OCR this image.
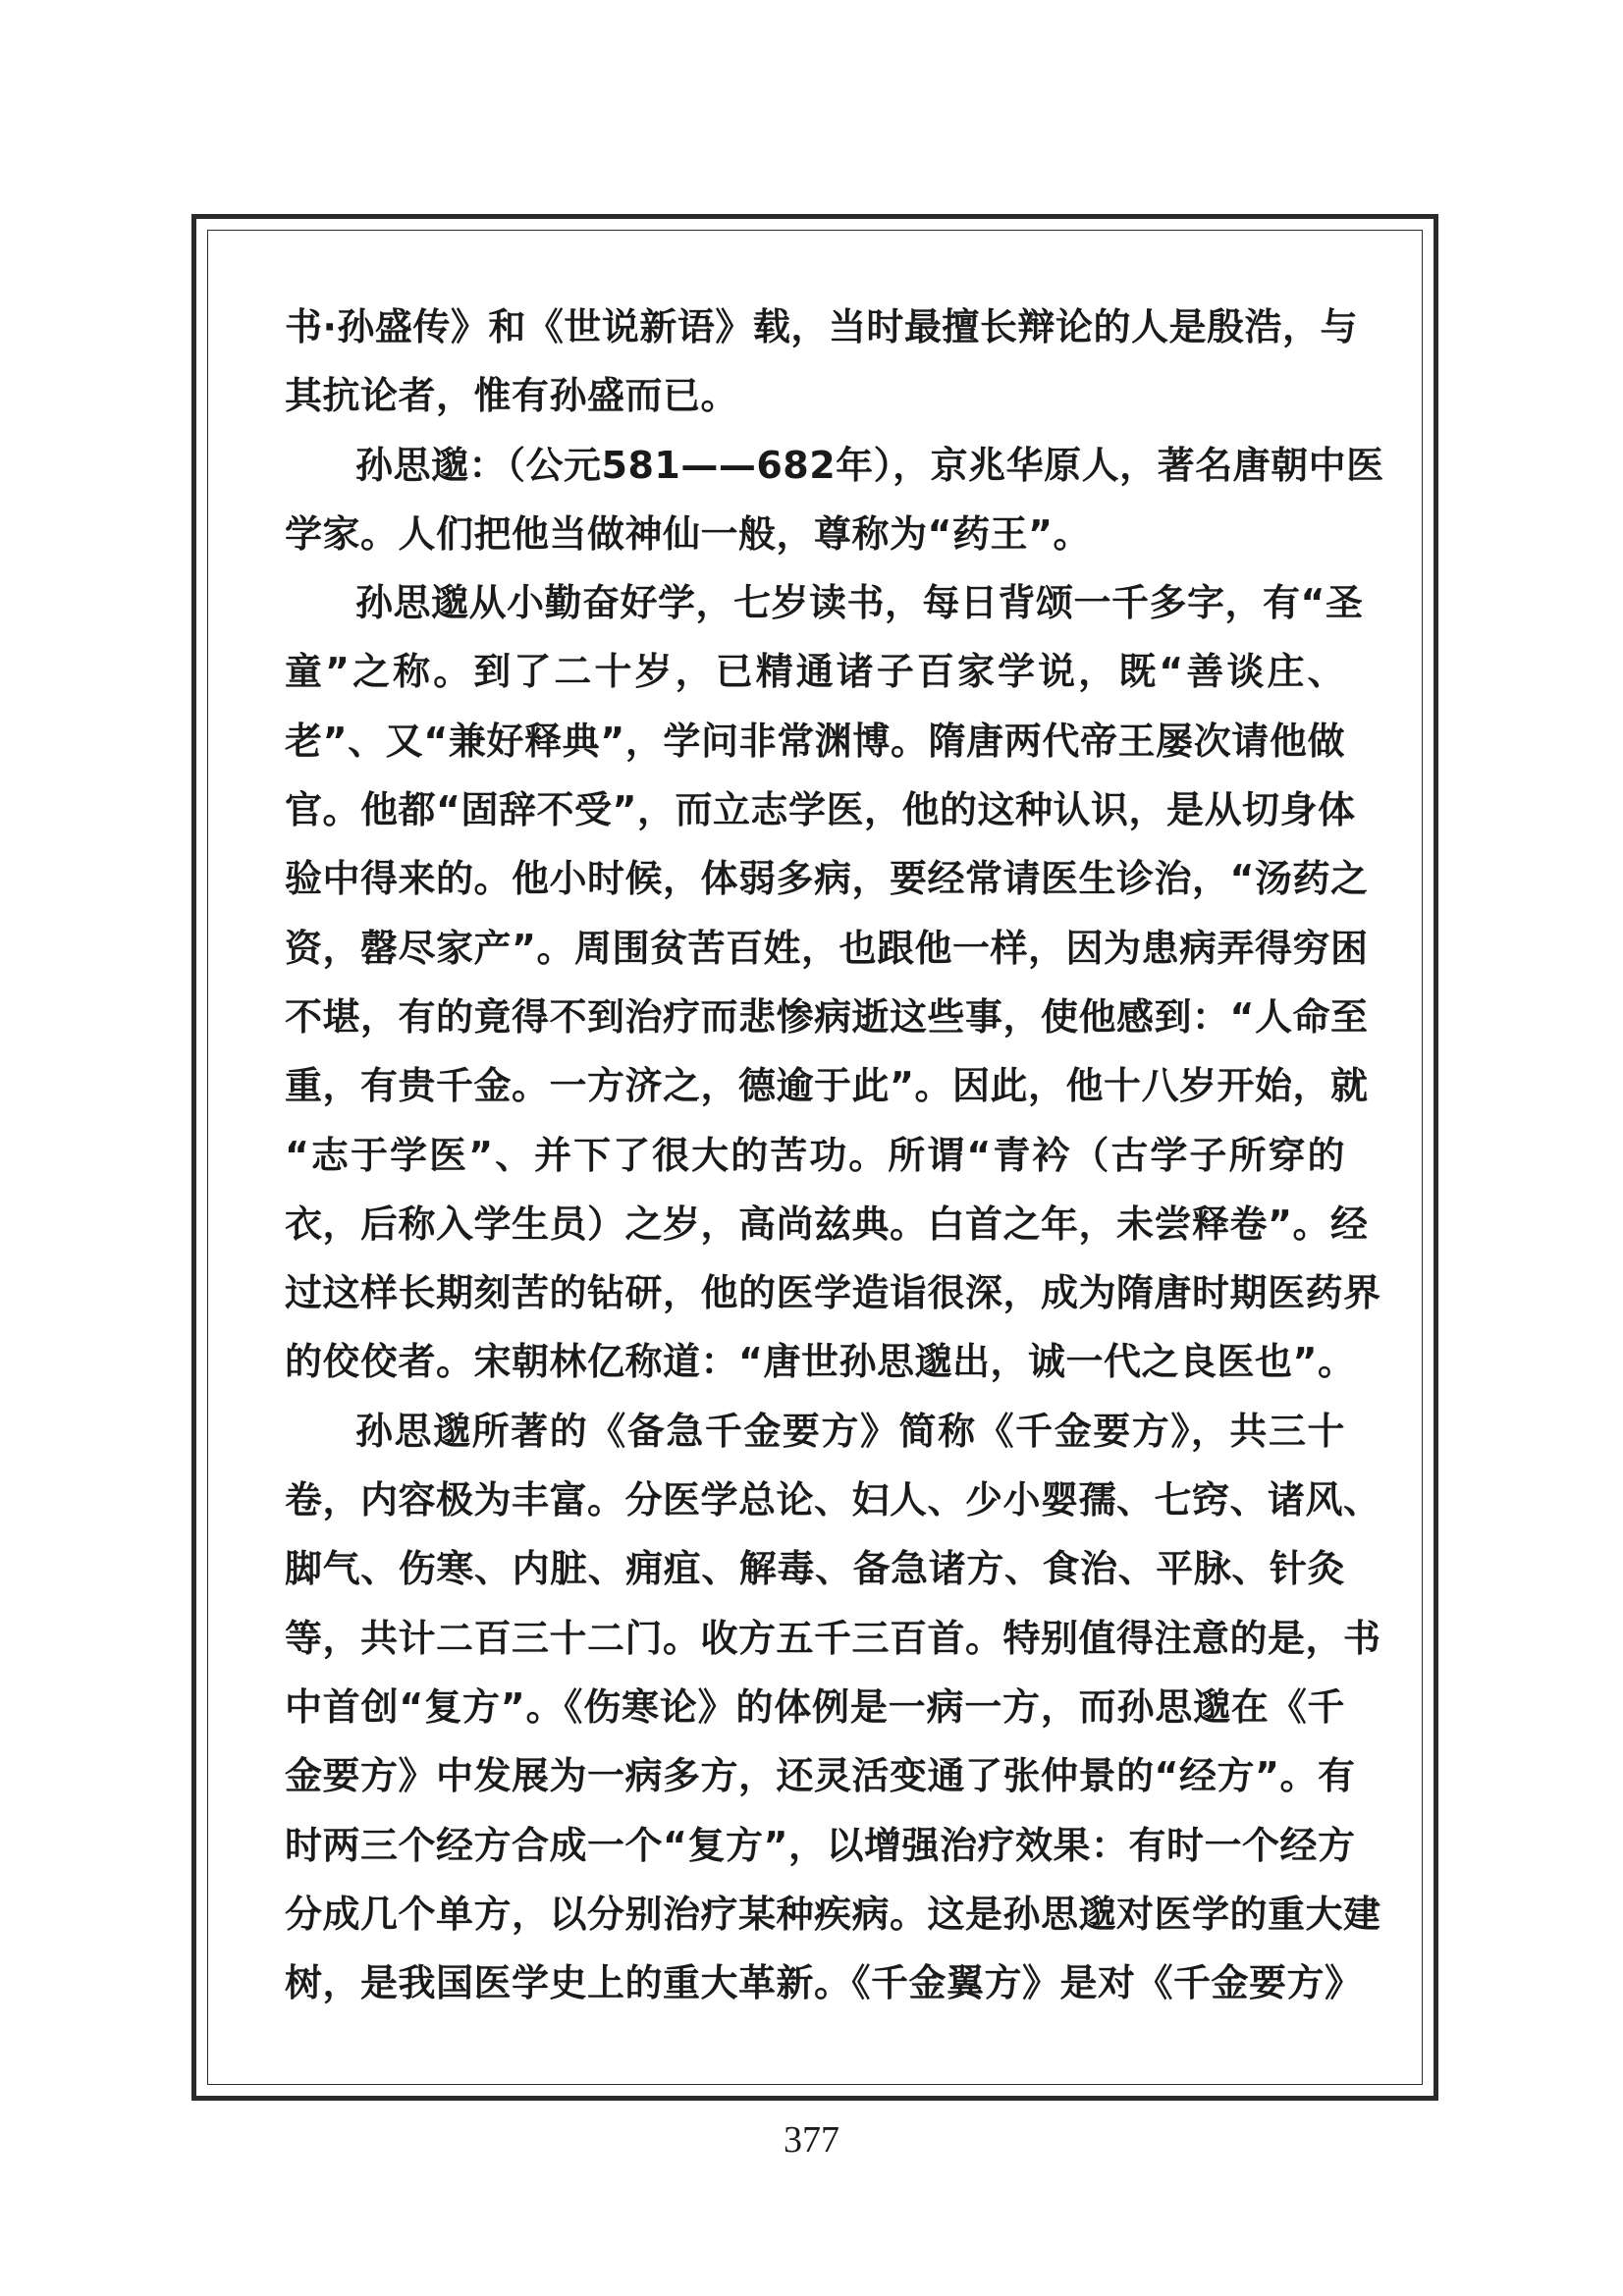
书·孙盛传》和《世说新语》载，当时最擅长辩论的人是殷浩，与
其抗论者，惟有孙盛而已。
孙思邈：（公元581——682年），京兆华原人，著名唐朝中医
学家。人们把他当做神仙一般，尊称为“药王”。
孙思邈从小勤奋好学，七岁读书，每日背颂一千多字，有“圣
童”之称。到了二十岁，已精通诸子百家学说，既“善谈庄、
老”、又“兼好释典”，学问非常渊博。隋唐两代帝王屡次请他做
官。他都“固辞不受”，而立志学医，他的这种认识，是从切身体
验中得来的。他小时候，体弱多病，要经常请医生诊治，“汤药之
资，罄尽家产”。周围贫苦百姓，也跟他一样，因为患病弄得穷困
不堪，有的竟得不到治疗而悲惨病逝这些事，使他感到：“人命至
重，有贵千金。一方济之，德逾于此”。因此，他十八岁开始，就
“志于学医”、并下了很大的苦功。所谓“青衿（古学子所穿的
衣，后称入学生员）之岁，高尚兹典。白首之年，未尝释卷”。经
过这样长期刻苦的钻研，他的医学造诣很深，成为隋唐时期医药界
的佼佼者。宋朝林亿称道：“唐世孙思邈出，诚一代之良医也”。
孙思邈所著的《备急千金要方》简称《千金要方》，共三十
卷，内容极为丰富。分医学总论、妇人、少小婴孺、七窍、诸风、
脚气、伤寒、内脏、痈疽、解毒、备急诸方、食治、平脉、针灸
等，共计二百三十二门。收方五千三百首。特别值得注意的是，书
中首创“复方”。《伤寒论》的体例是一病一方，而孙思邈在《千
金要方》中发展为一病多方，还灵活变通了张仲景的“经方”。有
时两三个经方合成一个“复方”，以增强治疗效果：有时一个经方
分成几个单方，以分别治疗某种疾病。这是孙思邈对医学的重大建
树，是我国医学史上的重大革新。《千金翼方》是对《千金要方》
377
